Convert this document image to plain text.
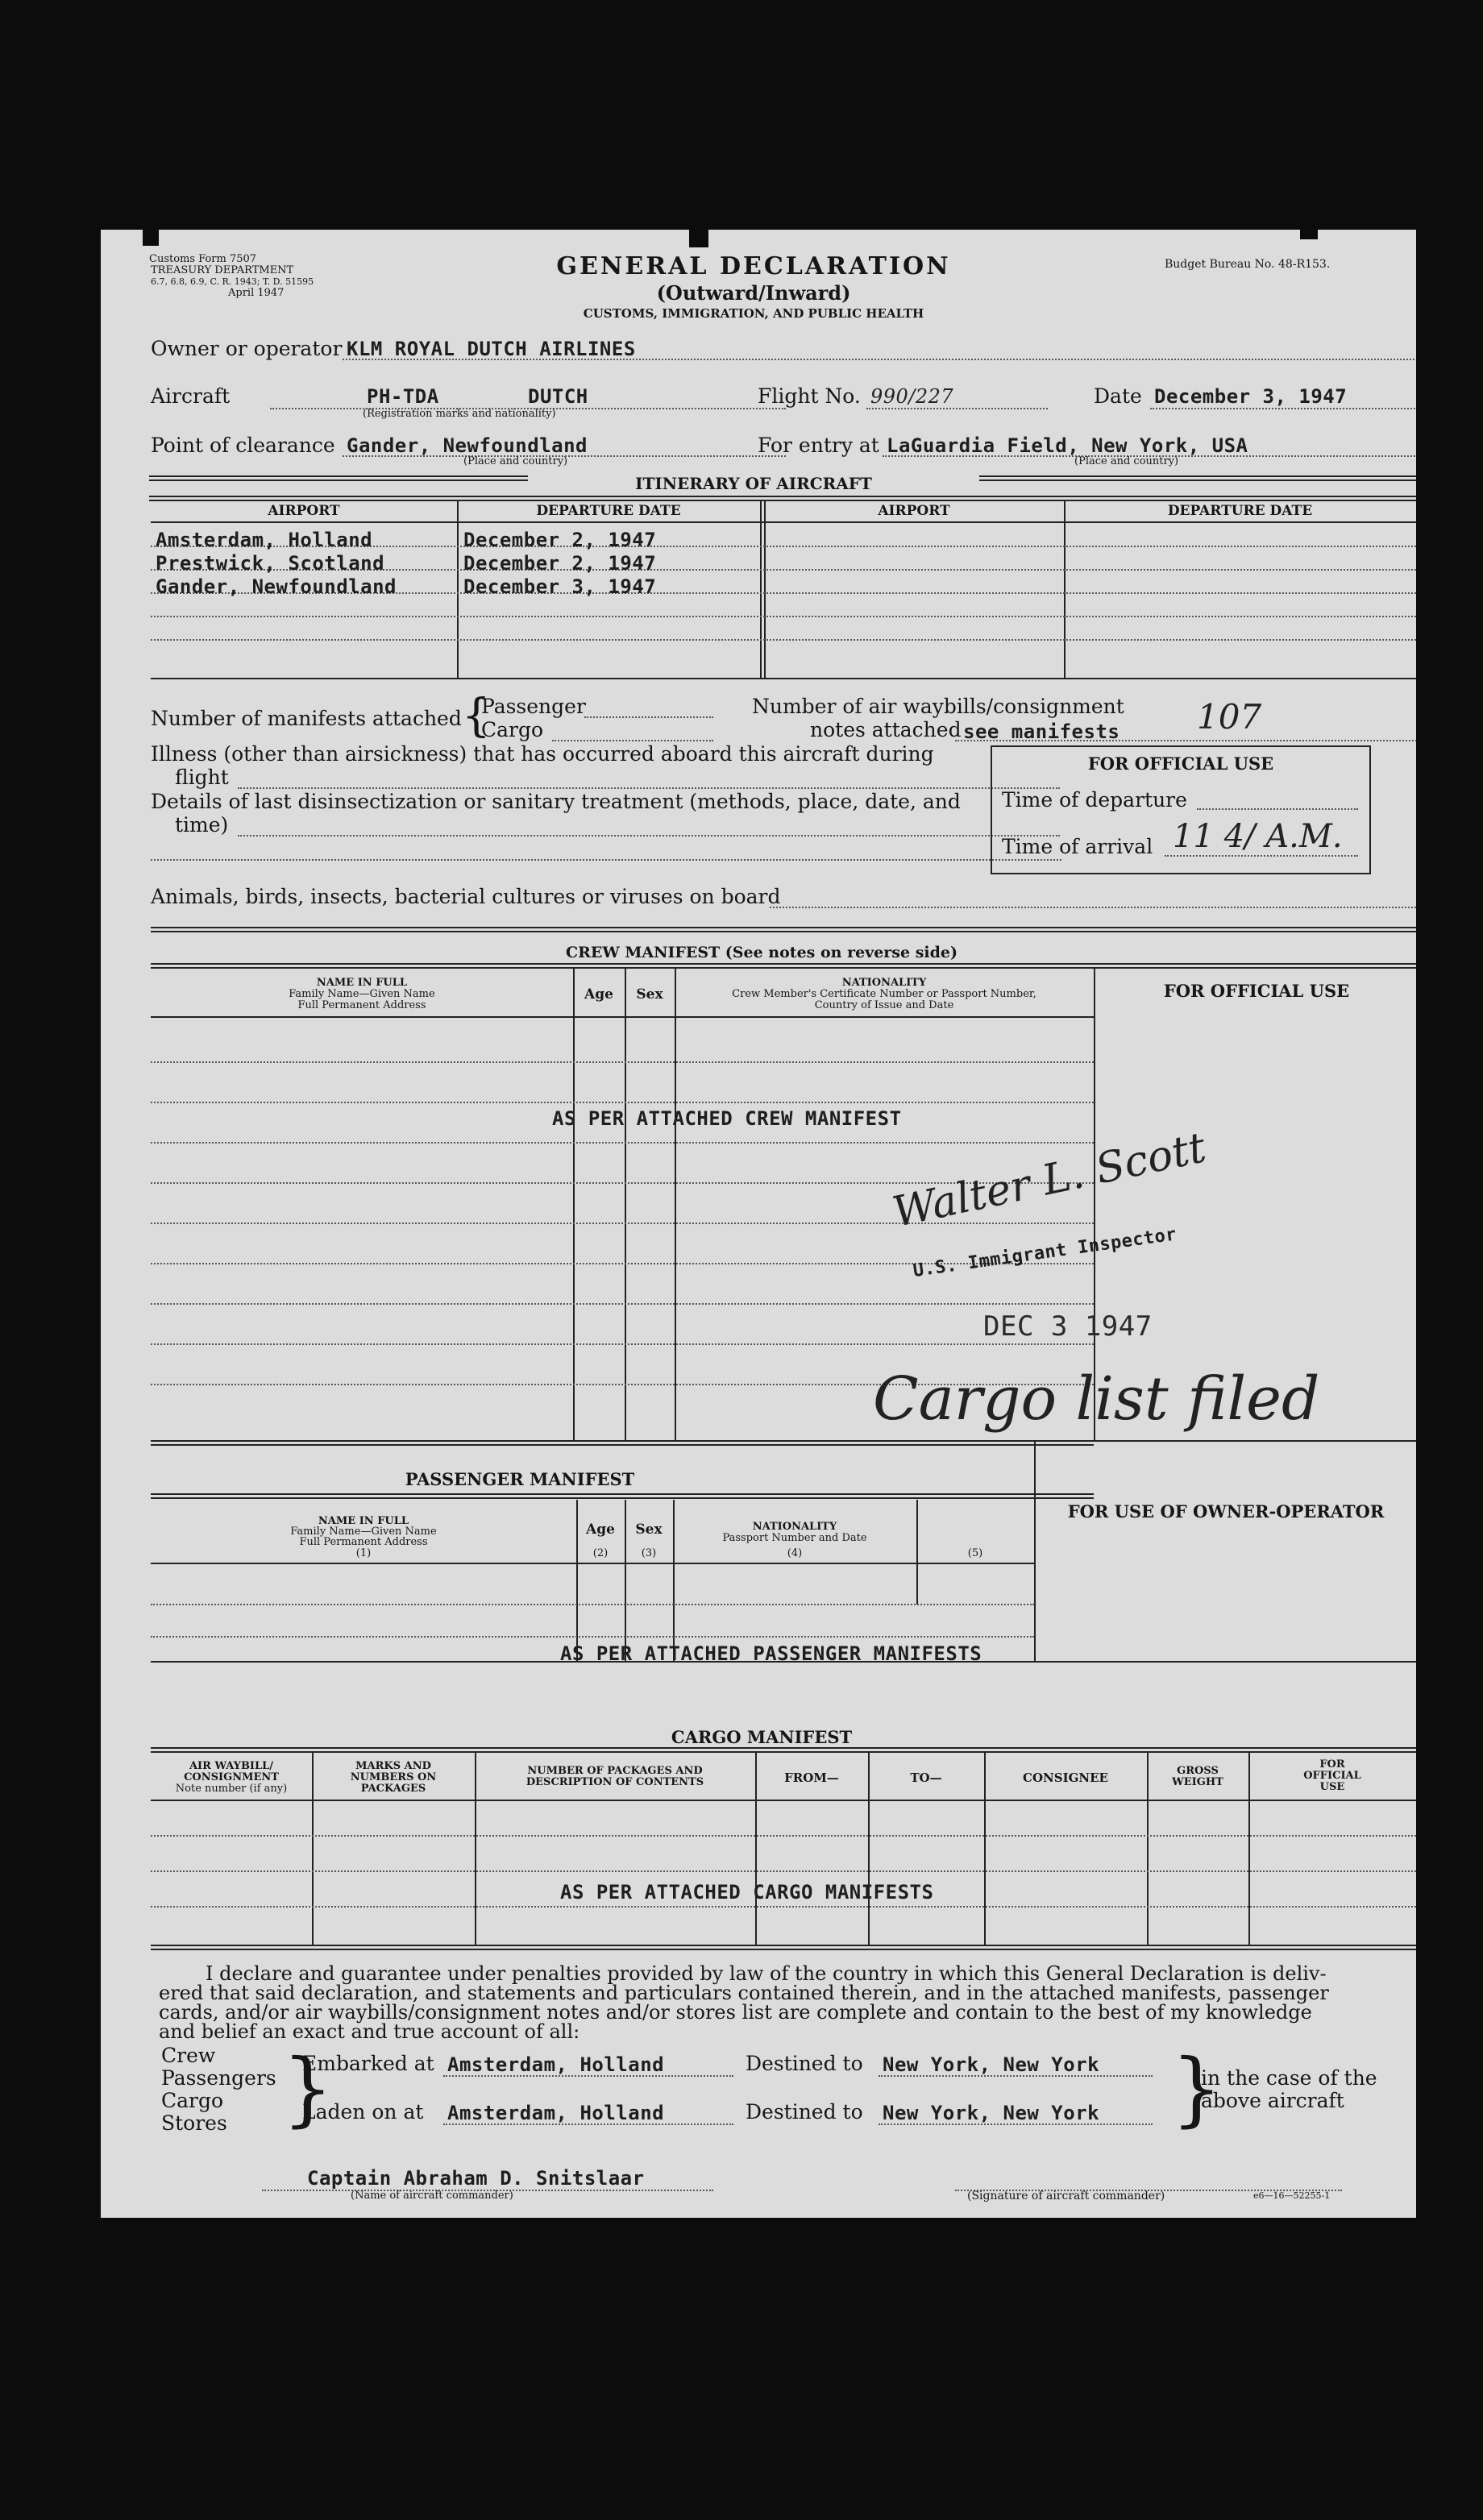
Customs Form 7507
TREASURY DEPARTMENT
6.7, 6.8, 6.9, C. R. 1943; T. D. 51595
April 1947
GENERAL DECLARATION
(Outward/Inward)
CUSTOMS, IMMIGRATION, AND PUBLIC HEALTH
Budget Bureau No. 48-R153.
Owner or operator KLM ROYAL DUTCH AIRLINES
Aircraft	PH-TDA	DUTCH
(Registration marks and nationality)
Flight No. 990/227	Date December 3, 1947
Point of clearance Gander, Newfoundland
(Place and country)
For entry at LaGuardia Field, New York, USA
(Place and country)
ITINERARY OF AIRCRAFT
AIRPORT	DEPARTURE DATE	AIRPORT	DEPARTURE DATE
Amsterdam, Holland	December 2, 1947
Prestwick, Scotland	December 2, 1947
Gander, Newfoundland	December 3, 1947
Number of manifests attached {
Passenger
Cargo
Number of air waybills/consignment
notes attached see manifests 107
Illness (other than airsickness) that has occurred aboard this aircraft during
flight
Details of last disinsectization or sanitary treatment (methods, place, date, and
time)
FOR OFFICIAL USE
Time of departure
Time of arrival 11 4/ A.M.
Animals, birds, insects, bacterial cultures or viruses on board
CREW MANIFEST (See notes on reverse side)
NAME IN FULL
Family Name—Given Name
Full Permanent Address
Age	Sex
NATIONALITY
Crew Member's Certificate Number or Passport Number,
Country of Issue and Date
FOR OFFICIAL USE
AS PER ATTACHED CREW MANIFEST
Walter L. Scott
U.S. Immigrant Inspector
DEC 3 1947
Cargo list filed
PASSENGER MANIFEST
NAME IN FULL
Family Name—Given Name
Full Permanent Address
(1)
Age
(2)
Sex
(3)
NATIONALITY
Passport Number and Date
(4)	(5)
FOR USE OF OWNER-OPERATOR
AS PER ATTACHED PASSENGER MANIFESTS
CARGO MANIFEST
AIR WAYBILL/
CONSIGNMENT
Note number (if any)
MARKS AND
NUMBERS ON
PACKAGES
NUMBER OF PACKAGES AND
DESCRIPTION OF CONTENTS	FROM—	TO—	CONSIGNEE	GROSS
WEIGHT
FOR
OFFICIAL
USE
AS PER ATTACHED CARGO MANIFESTS
I declare and guarantee under penalties provided by law of the country in which this General Declaration is deliv-
ered that said declaration, and statements and particulars contained therein, and in the attached manifests, passenger
cards, and/or air waybills/consignment notes and/or stores list are complete and contain to the best of my knowledge
and belief an exact and true account of all:
Crew
Passengers
Cargo
Stores }
Embarked at Amsterdam, Holland
Laden on at Amsterdam, Holland
Destined to New York, New York
Destined to New York, New York }
in the case of the
above aircraft
Captain Abraham D. Snitslaar
(Name of aircraft commander)	(Signature of aircraft commander)	e6—16—52255-1
